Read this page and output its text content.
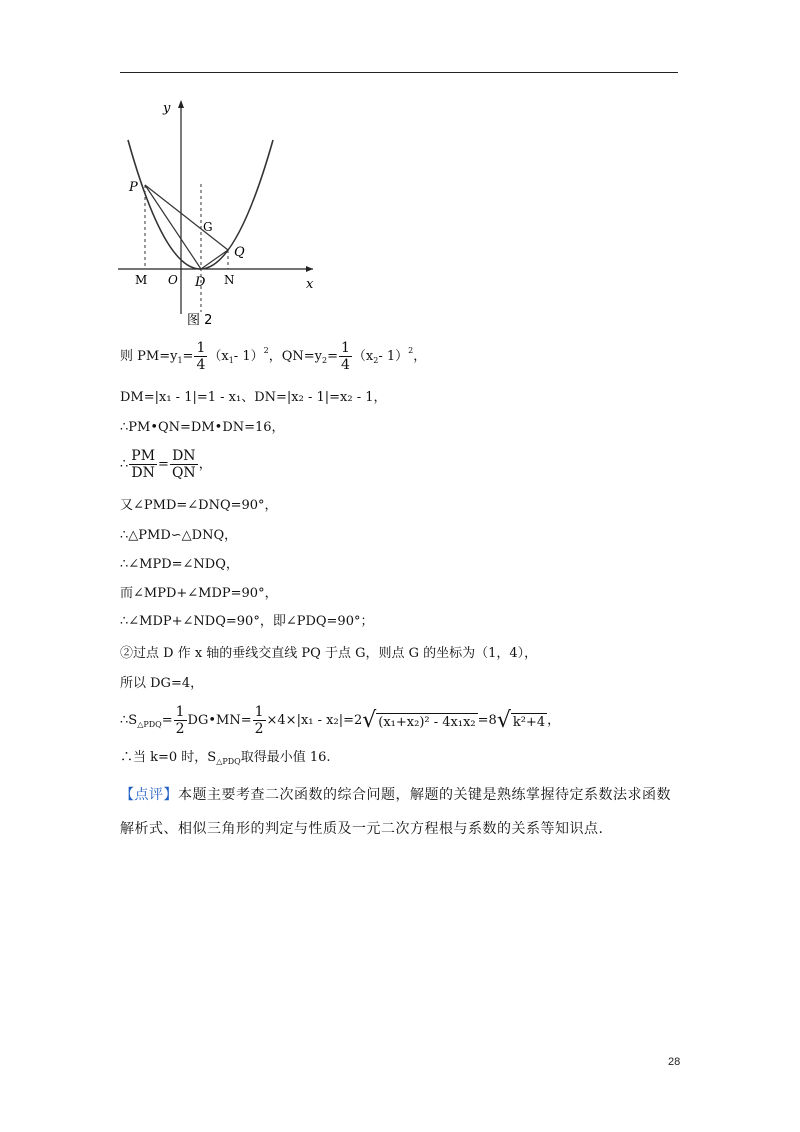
y
x
P
G
Q
M O D N
图 2
则 PM=y $1 = \frac{1}{4} (x$ 1 - 1） 2 ，QN=y $2 = \frac{1}{4} (x$ 2 - 1） 2 ，
DM=|x₁ - 1|=1 - x₁、DN=|x₂ - 1|=x₂ - 1，
∴PM•QN=DM•DN=16，
∴ $\frac{PM}{DN} = \frac{DN}{QN}$ ，
又∠PMD=∠DNQ=90°，
∴△PMD∽△DNQ，
∴∠MPD=∠NDQ，
而∠MPD+∠MDP=90°，
∴∠MDP+∠NDQ=90°，即∠PDQ=90°；
②过点 D 作 x 轴的垂线交直线 PQ 于点 G，则点 G 的坐标为（1，4），
所以 DG=4，
∴S △PDQ = $\frac{1}{2}$ DG•MN= $\frac{1}{2} \times 4\times|x_1 - x_2|=2$ √ (x₁+x₂)² - 4x₁x₂ =8 √ k²+4 ，
∴当 k=0 时，S △PDQ 取得最小值 16.
【点评】本题主要考查二次函数的综合问题，解题的关键是熟练掌握待定系数法求函数解析式、相似三角形的判定与性质及一元二次方程根与系数的关系等知识点.
28
